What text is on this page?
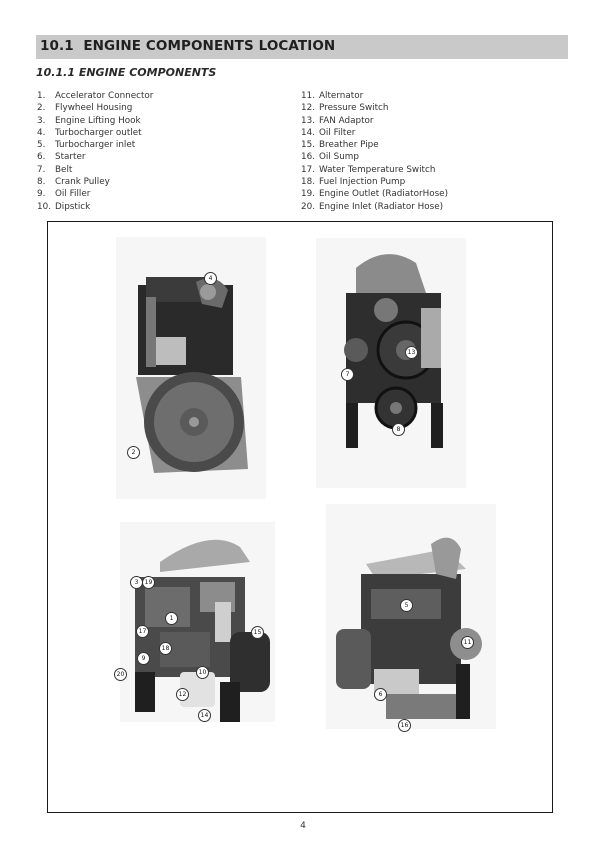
10.1 ENGINE COMPONENTS LOCATION
10.1.1 ENGINE COMPONENTS
1. Accelerator Connector
2. Flywheel Housing
3. Engine Lifting Hook
4. Turbocharger outlet
5. Turbocharger inlet
6. Starter
7. Belt
8. Crank Pulley
9. Oil Filler
10. Dipstick
11. Alternator
12. Pressure Switch
13. FAN Adaptor
14. Oil Filter
15. Breather Pipe
16. Oil Sump
17. Water Temperature Switch
18. Fuel Injection Pump
19. Engine Outlet (RadiatorHose)
20. Engine Inlet (Radiator Hose)
4
2
13
7
8
3	19
1
17	15
18
9
10
20
12
14
5
11
6
16
4
